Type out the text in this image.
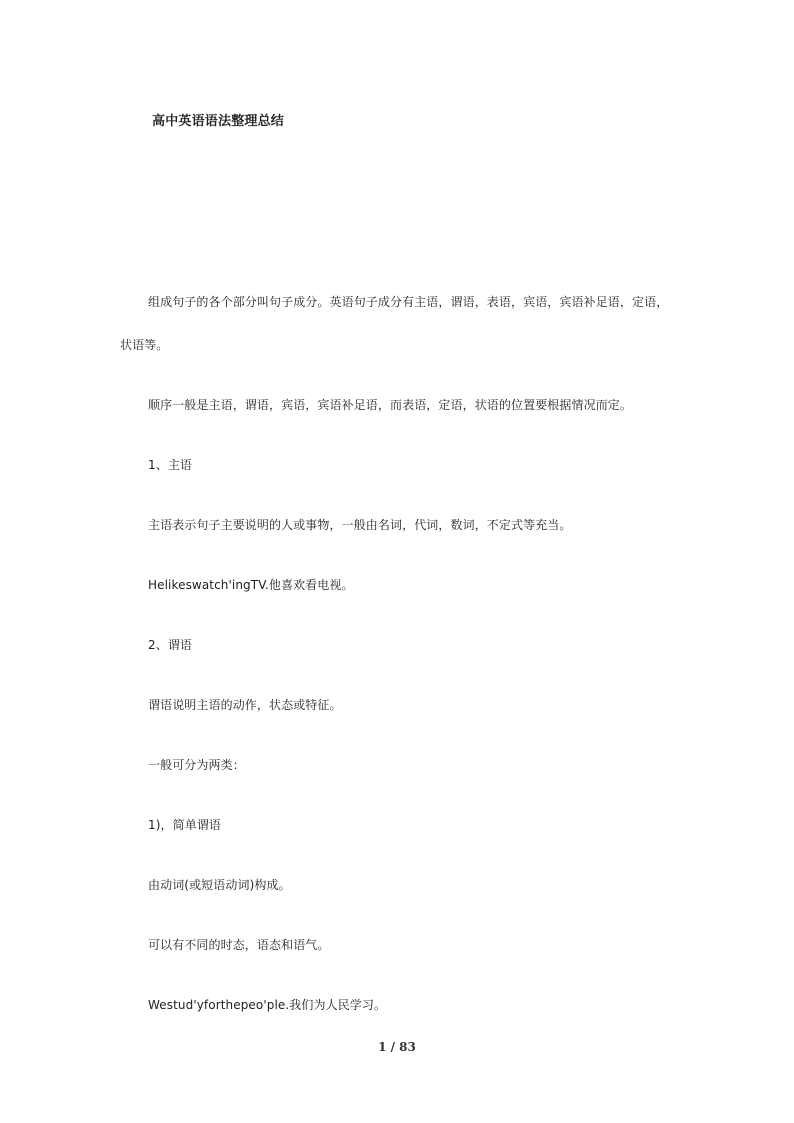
高中英语语法整理总结
组成句子的各个部分叫句子成分。英语句子成分有主语，谓语，表语，宾语，宾语补足语，定语，
状语等。
顺序一般是主语，谓语，宾语，宾语补足语，而表语，定语，状语的位置要根据情况而定。
1、主语
主语表示句子主要说明的人或事物，一般由名词，代词，数词，不定式等充当。
Helikeswatch'ingTV.他喜欢看电视。
2、谓语
谓语说明主语的动作，状态或特征。
一般可分为两类：
1)，简单谓语
由动词(或短语动词)构成。
可以有不同的时态，语态和语气。
Westud'yforthepeo'ple.我们为人民学习。
1 / 83
